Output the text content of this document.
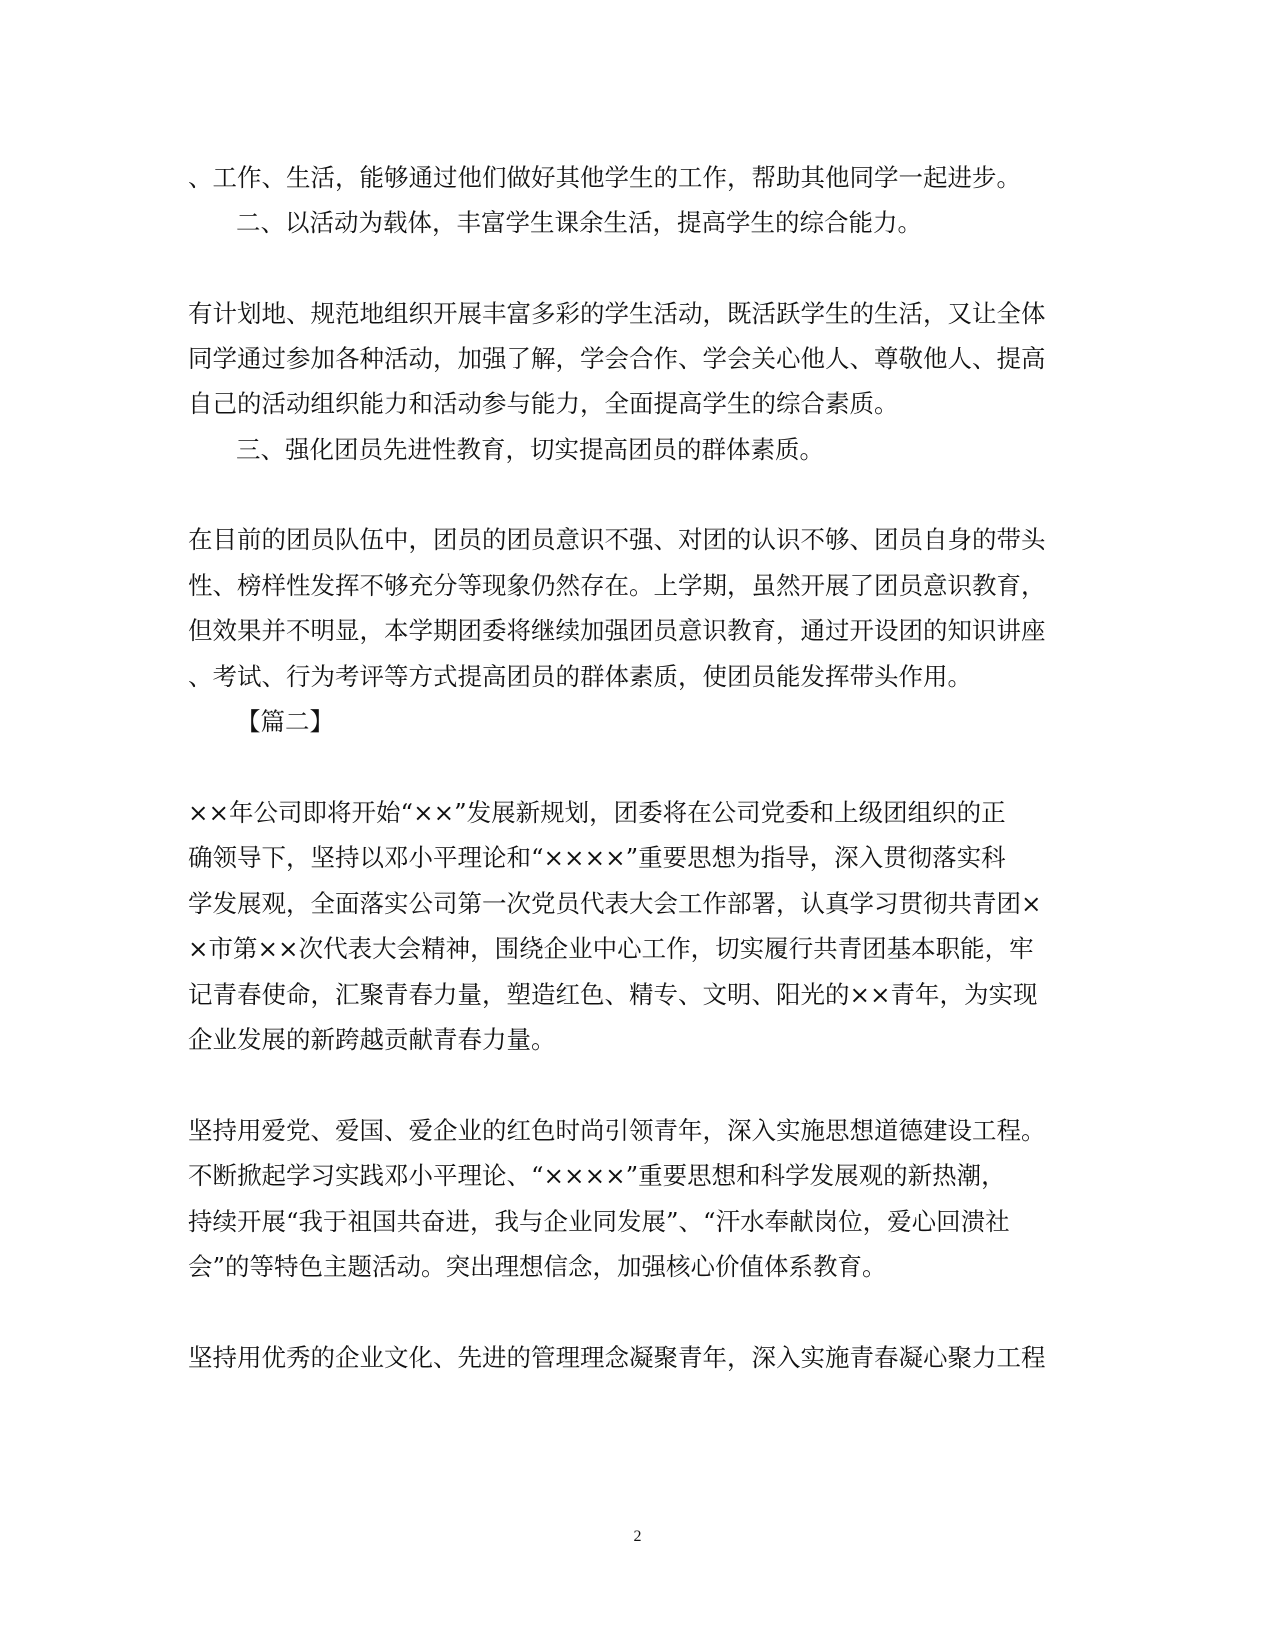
、工作、生活，能够通过他们做好其他学生的工作，帮助其他同学一起进步。
二、以活动为载体，丰富学生课余生活，提高学生的综合能力。
有计划地、规范地组织开展丰富多彩的学生活动，既活跃学生的生活，又让全体
同学通过参加各种活动，加强了解，学会合作、学会关心他人、尊敬他人、提高
自己的活动组织能力和活动参与能力，全面提高学生的综合素质。
三、强化团员先进性教育，切实提高团员的群体素质。
在目前的团员队伍中，团员的团员意识不强、对团的认识不够、团员自身的带头
性、榜样性发挥不够充分等现象仍然存在。上学期，虽然开展了团员意识教育，
但效果并不明显，本学期团委将继续加强团员意识教育，通过开设团的知识讲座
、考试、行为考评等方式提高团员的群体素质，使团员能发挥带头作用。
【篇二】
××年公司即将开始“××”发展新规划，团委将在公司党委和上级团组织的正
确领导下，坚持以邓小平理论和“××××”重要思想为指导，深入贯彻落实科
学发展观，全面落实公司第一次党员代表大会工作部署，认真学习贯彻共青团×
×市第××次代表大会精神，围绕企业中心工作，切实履行共青团基本职能，牢
记青春使命，汇聚青春力量，塑造红色、精专、文明、阳光的××青年，为实现
企业发展的新跨越贡献青春力量。
坚持用爱党、爱国、爱企业的红色时尚引领青年，深入实施思想道德建设工程。
不断掀起学习实践邓小平理论、“××××”重要思想和科学发展观的新热潮，
持续开展“我于祖国共奋进，我与企业同发展”、“汗水奉献岗位，爱心回溃社
会”的等特色主题活动。突出理想信念，加强核心价值体系教育。
坚持用优秀的企业文化、先进的管理理念凝聚青年，深入实施青春凝心聚力工程
2
